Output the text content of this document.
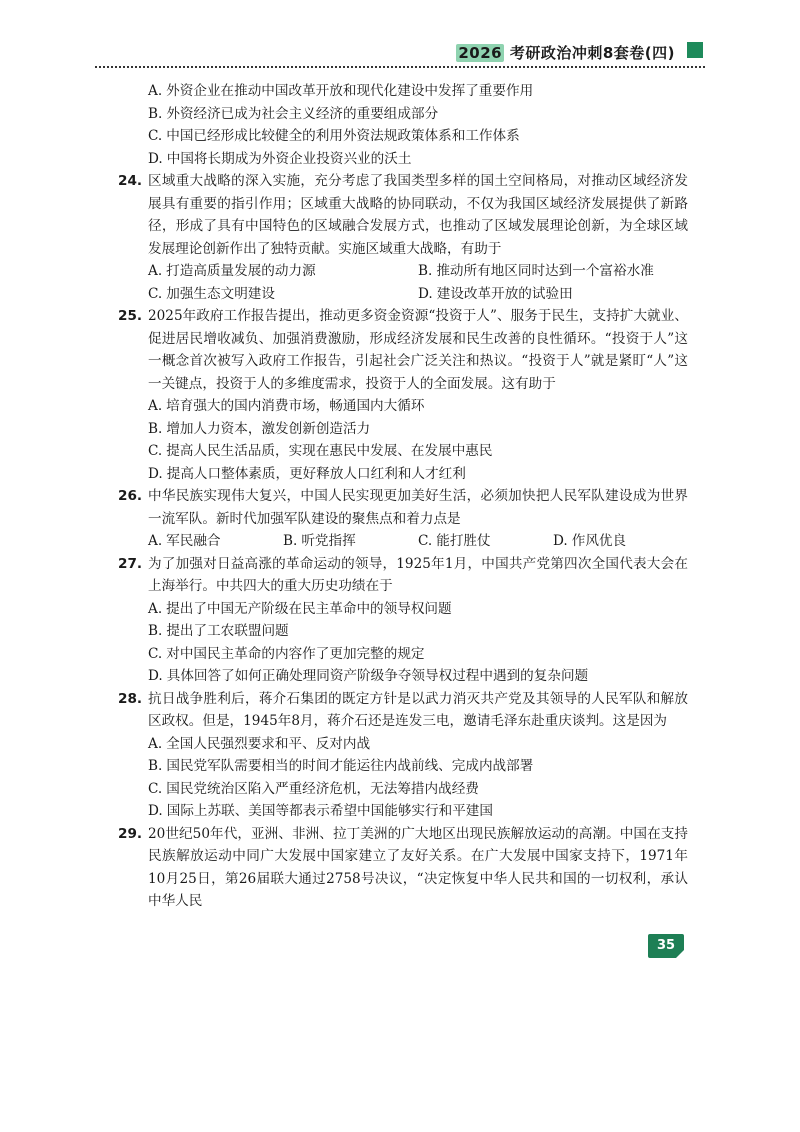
2026 考研政治冲刺8套卷(四)
A. 外资企业在推动中国改革开放和现代化建设中发挥了重要作用
B. 外资经济已成为社会主义经济的重要组成部分
C. 中国已经形成比较健全的利用外资法规政策体系和工作体系
D. 中国将长期成为外资企业投资兴业的沃土
24. 区域重大战略的深入实施，充分考虑了我国类型多样的国土空间格局，对推动区域经济发展具有重要的指引作用；区域重大战略的协同联动，不仅为我国区域经济发展提供了新路径，形成了具有中国特色的区域融合发展方式，也推动了区域发展理论创新，为全球区域发展理论创新作出了独特贡献。实施区域重大战略，有助于
A. 打造高质量发展的动力源	B. 推动所有地区同时达到一个富裕水准
C. 加强生态文明建设	D. 建设改革开放的试验田
25. 2025年政府工作报告提出，推动更多资金资源“投资于人”、服务于民生，支持扩大就业、促进居民增收减负、加强消费激励，形成经济发展和民生改善的良性循环。“投资于人”这一概念首次被写入政府工作报告，引起社会广泛关注和热议。“投资于人”就是紧盯“人”这一关键点，投资于人的多维度需求，投资于人的全面发展。这有助于
A. 培育强大的国内消费市场，畅通国内大循环
B. 增加人力资本，激发创新创造活力
C. 提高人民生活品质，实现在惠民中发展、在发展中惠民
D. 提高人口整体素质，更好释放人口红利和人才红利
26. 中华民族实现伟大复兴，中国人民实现更加美好生活，必须加快把人民军队建设成为世界一流军队。新时代加强军队建设的聚焦点和着力点是
A. 军民融合	B. 听党指挥	C. 能打胜仗	D. 作风优良
27. 为了加强对日益高涨的革命运动的领导，1925年1月，中国共产党第四次全国代表大会在上海举行。中共四大的重大历史功绩在于
A. 提出了中国无产阶级在民主革命中的领导权问题
B. 提出了工农联盟问题
C. 对中国民主革命的内容作了更加完整的规定
D. 具体回答了如何正确处理同资产阶级争夺领导权过程中遇到的复杂问题
28. 抗日战争胜利后，蒋介石集团的既定方针是以武力消灭共产党及其领导的人民军队和解放区政权。但是，1945年8月，蒋介石还是连发三电，邀请毛泽东赴重庆谈判。这是因为
A. 全国人民强烈要求和平、反对内战
B. 国民党军队需要相当的时间才能运往内战前线、完成内战部署
C. 国民党统治区陷入严重经济危机，无法筹措内战经费
D. 国际上苏联、美国等都表示希望中国能够实行和平建国
29. 20世纪50年代，亚洲、非洲、拉丁美洲的广大地区出现民族解放运动的高潮。中国在支持民族解放运动中同广大发展中国家建立了友好关系。在广大发展中国家支持下，1971年10月25日，第26届联大通过2758号决议，“决定恢复中华人民共和国的一切权利，承认中华人民
35
